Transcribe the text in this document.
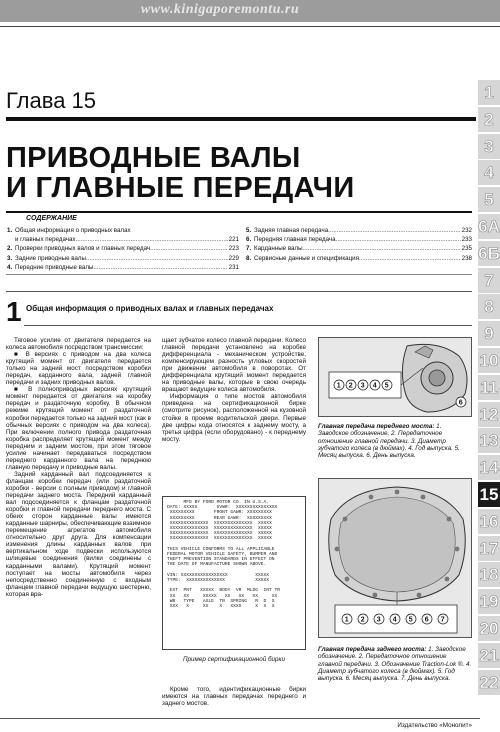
www.kinigaporemontu.ru
1
2
3
4
5
6А
6Б
7
8
9
10
11
12
13
14
15
16
17
18
19
20
21
22
Глава 15
ПРИВОДНЫЕ ВАЛЫ
И ГЛАВНЫЕ ПЕРЕДАЧИ
СОДЕРЖАНИЕ
1. Общая информация о приводных валах
и главных передачах .....	221
2. Проверки приводных валов и главных передач .....	223
3. Задние приводные валы .....	229
4. Передние приводные валы .....	231
5. Задняя главная передача .....	232
6. Передняя главная передача .....	233
7. Карданные валы .....	235
8. Сервисные данные и спецификация .....	238
1 Общая информация о приводных валах и главных передачах

Тяговое усилие от двигателя передается на колеса автомобиля посредством трансмиссии:

■ В версиях с приводом на два колеса крутящий момент от двигателя передается только на задний мост посредством коробки передач, карданного вала, задней главной передачи и задних приводных валов.

■ В полноприводных версиях крутящий момент передается от двигателя на коробку передач и раздаточную коробку. В обычном режиме крутящий момент от раздаточной коробки передается только на задний мост (как в обычных версиях с приводом на два колеса). При включении полного привода раздаточная коробка распределяет крутящий момент между передним и задним мостом, при этом тяговое усилие начинает передаваться посредством переднего карданного вала на переднюю главную передачу и приводные валы.

Задний карданный вал подсоединяется к фланцам коробки передач (или раздаточной коробки - версии с полным приводом) и главной передачи заднего моста. Передний карданный вал подсоединяется к фланцам раздаточной коробки и главной передачи переднего моста. С обеих сторон карданные валы имеются карданные шарниры, обеспечивающие взаимное перемещение агрегатов автомобиля относительно друг друга. Для компенсации изменения длины карданных валов при вертикальном ходе подвески используются шлицевые соединения (вилки соединены с карданными валами). Крутящий момент поступает на мосты автомобиля через непосредственно соединенную с входным фланцем главной передачи ведущую шестерню, которая вра-

щает зубчатое колесо главной передачи. Колесо главной передачи установлено на коробке дифференциала - механическом устройстве, компенсирующем разность угловых скоростей при движении автомобиля в поворотах. От дифференциала крутящий момент передается на приводные валы, которые в свою очередь вращают ведущие колеса автомобиля.

Информация о типе мостов автомобиля приведена на сертификационной бирке (смотрите рисунок), расположенной на кузовной стойке в проеме водительской двери. Первые две цифры кода относятся к заднему мосту, а третья цифра (если оборудовано) - к переднему мосту.

MFD BY FORD MOTOR CO. IN U.S.A.
DATE: XXXXX       GVWR:  XXXXXXXXXXXXXXX
XXXXXXXXX       FRONT GAWR: XXXXXXXXX
XXXXXXXXX       REAR GAWR:  XXXXXXXXX
XXXXXXXXXXXXXX  XXXXXXXXXXXXXX  XXXXX
XXXXXXXXXXXXXX  XXXXXXXXXXXXXX  XXXXX
XXXXXXXXXXXXXX  XXXXXXXXXXXXXX  XXXXX
XXXXXXXXXXXXXX  XXXXXXXXXXXXXX  XXXXX
THIS VEHICLE CONFORMS TO ALL APPLICABLE
FEDERAL MOTOR VEHICLE SAFETY, BUMPER AND
THEFT PREVENTION STANDARDS IN EFFECT ON
THE DATE OF MANUFACTURE SHOWN ABOVE.
VIN: XXXXXXXXXXXXXXXXX          XXXXX
TYPE:  XXXXXXXXXXXXXX           XXXXX
EXT  PNT   XXXXX  BODY  VR  MLDG  INT TR
XX   XX     XXXXX   XX   XX   XX     XX
WB   TYPE   AXLE  TR  SPRING   R  D  S
XXX   X     XX    X   XXXX     X  X  X
Пример сертификационной бирки

Кроме того, идентификационные бирки имеются на главных передачах переднего и заднего мостов.

1 2 3 4 5
6
Главная передача переднего моста: 1. Заводское обозначение. 2. Передаточное отношение главной передачи. 3. Диаметр зубчатого колеса (в дюймах). 4. Год выпуска. 5. Месяц выпуска. 6. День выпуска.
1 2 3 4 5 6 7
Главная передача заднего моста: 1. Заводское обозначение. 2. Передаточное отношение главной передачи. 3. Обозначение Traction-Lok ®. 4. Диаметр зубчатого колеса (в дюймах). 5. Год выпуска. 6. Месяц выпуска. 7. День выпуска.
Издательство «Монолит»
